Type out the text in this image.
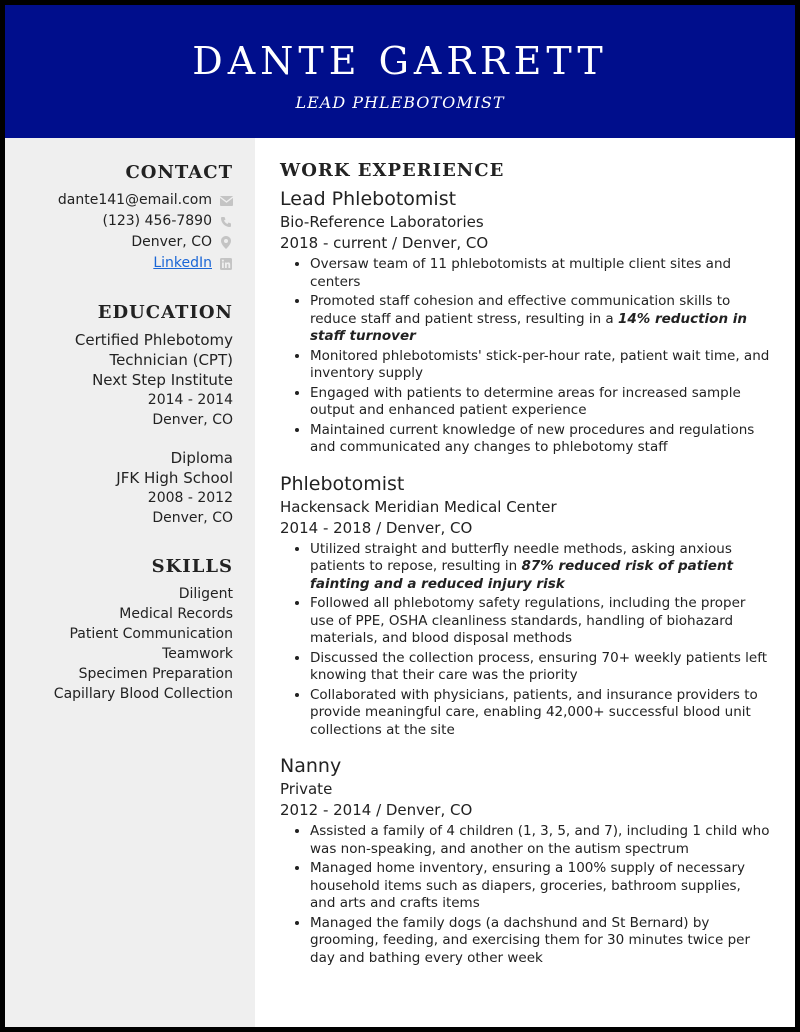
DANTE GARRETT
LEAD PHLEBOTOMIST
CONTACT
dante141@email.com
(123) 456-7890
Denver, CO
LinkedIn
EDUCATION
Certified Phlebotomy Technician (CPT)
Next Step Institute
2014 - 2014
Denver, CO
Diploma
JFK High School
2008 - 2012
Denver, CO
SKILLS
Diligent
Medical Records
Patient Communication
Teamwork
Specimen Preparation
Capillary Blood Collection
WORK EXPERIENCE
Lead Phlebotomist
Bio-Reference Laboratories
2018 - current / Denver, CO
• Oversaw team of 11 phlebotomists at multiple client sites and centers
• Promoted staff cohesion and effective communication skills to reduce staff and patient stress, resulting in a 14% reduction in staff turnover
• Monitored phlebotomists' stick-per-hour rate, patient wait time, and inventory supply
• Engaged with patients to determine areas for increased sample output and enhanced patient experience
• Maintained current knowledge of new procedures and regulations and communicated any changes to phlebotomy staff
Phlebotomist
Hackensack Meridian Medical Center
2014 - 2018 / Denver, CO
• Utilized straight and butterfly needle methods, asking anxious patients to repose, resulting in 87% reduced risk of patient fainting and a reduced injury risk
• Followed all phlebotomy safety regulations, including the proper use of PPE, OSHA cleanliness standards, handling of biohazard materials, and blood disposal methods
• Discussed the collection process, ensuring 70+ weekly patients left knowing that their care was the priority
• Collaborated with physicians, patients, and insurance providers to provide meaningful care, enabling 42,000+ successful blood unit collections at the site
Nanny
Private
2012 - 2014 / Denver, CO
• Assisted a family of 4 children (1, 3, 5, and 7), including 1 child who was non-speaking, and another on the autism spectrum
• Managed home inventory, ensuring a 100% supply of necessary household items such as diapers, groceries, bathroom supplies, and arts and crafts items
• Managed the family dogs (a dachshund and St Bernard) by grooming, feeding, and exercising them for 30 minutes twice per day and bathing every other week
